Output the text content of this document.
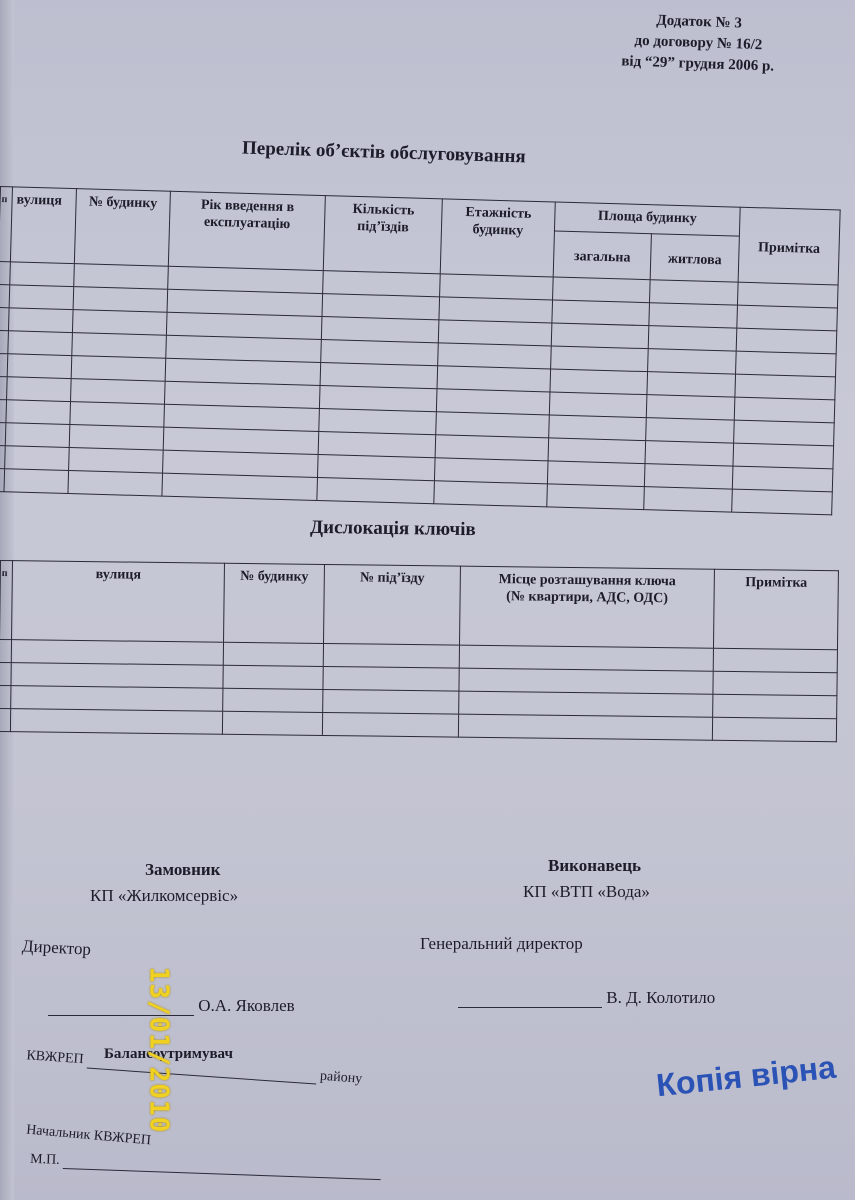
Додаток № 3
до договору № 16/2
від “29” грудня 2006 р.
Перелік об’єктів обслуговування
п	вулиця	№ будинку	Рік введення в експлуатацію	Кількість під’їздів	Етажність будинку	Площа будинку		Примітка
						загальна	житлова	

Дислокація ключів
п	вулиця	№ будинку	№ під’їзду	Місце розташування ключа (№ квартири, АДС, ОДС)	Примітка

Замовник
КП «Жилкомсервіс»
Директор
О.А. Яковлев
Виконавець
КП «ВТП «Вода»
Генеральний директор
В. Д. Колотило
Балансоутримувач
КВЖРЕП  району
Начальник КВЖРЕП
М.П.
13/01/2010	Копія вірна
